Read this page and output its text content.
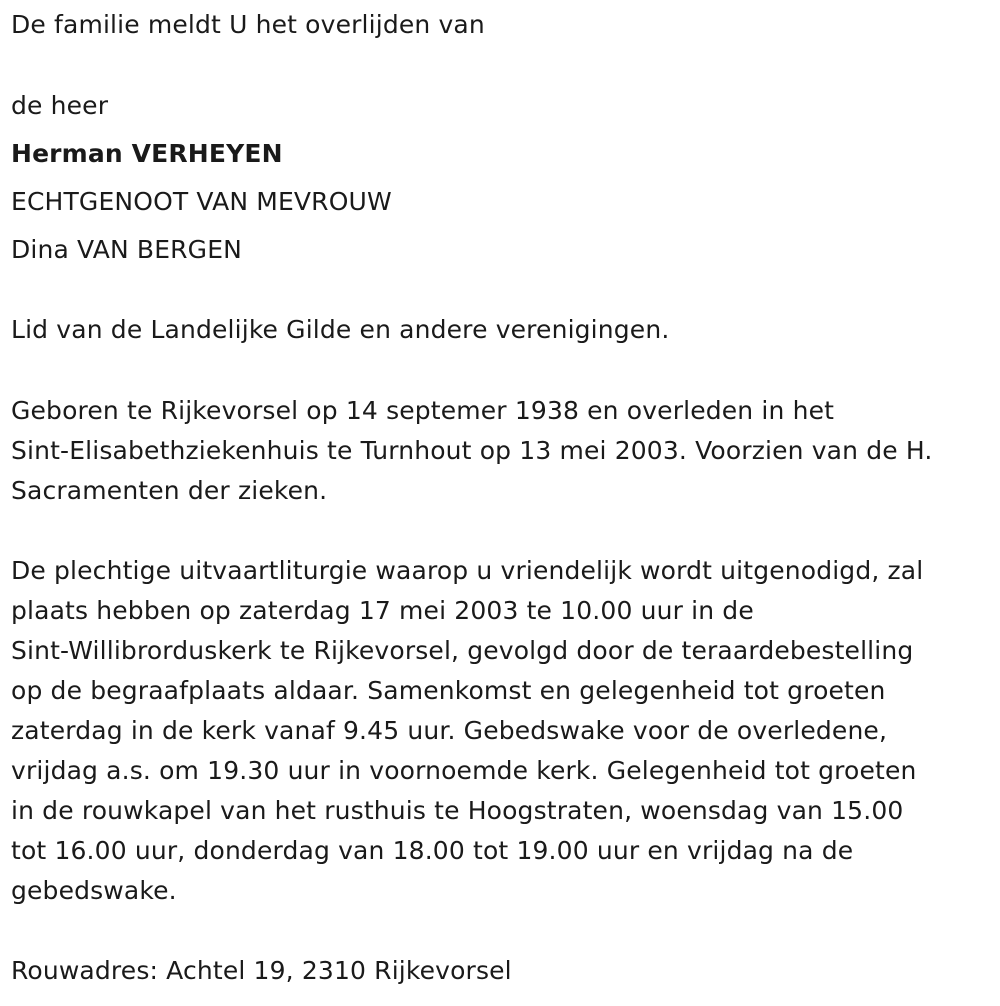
De familie meldt U het overlijden van
de heer
Herman VERHEYEN
ECHTGENOOT VAN MEVROUW
Dina VAN BERGEN
Lid van de Landelijke Gilde en andere verenigingen.
Geboren te Rijkevorsel op 14 septemer 1938 en overleden in het
Sint-Elisabethziekenhuis te Turnhout op 13 mei 2003. Voorzien van de H.
Sacramenten der zieken.
De plechtige uitvaartliturgie waarop u vriendelijk wordt uitgenodigd, zal
plaats hebben op zaterdag 17 mei 2003 te 10.00 uur in de
Sint-Willibrorduskerk te Rijkevorsel, gevolgd door de teraardebestelling
op de begraafplaats aldaar. Samenkomst en gelegenheid tot groeten
zaterdag in de kerk vanaf 9.45 uur. Gebedswake voor de overledene,
vrijdag a.s. om 19.30 uur in voornoemde kerk. Gelegenheid tot groeten
in de rouwkapel van het rusthuis te Hoogstraten, woensdag van 15.00
tot 16.00 uur, donderdag van 18.00 tot 19.00 uur en vrijdag na de
gebedswake.
Rouwadres: Achtel 19, 2310 Rijkevorsel
